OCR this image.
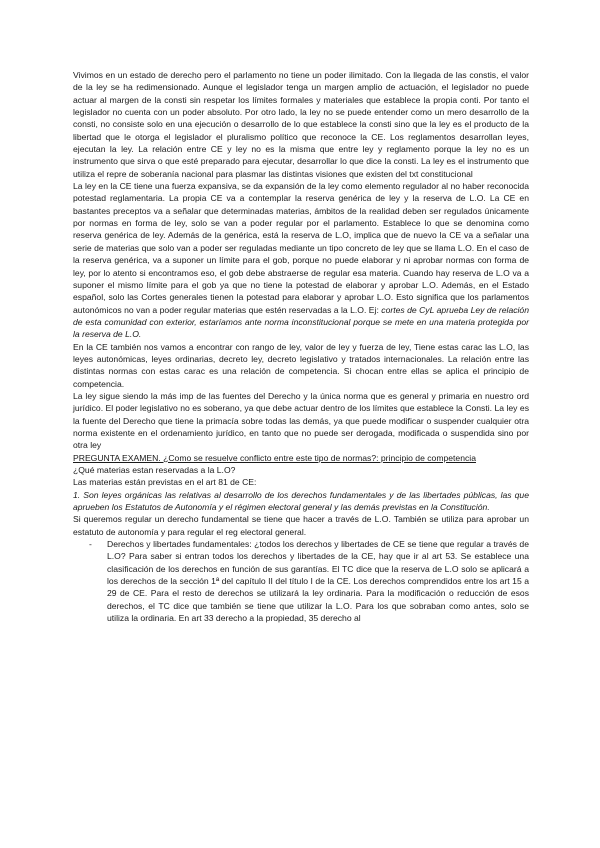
Vivimos en un estado de derecho pero el parlamento no tiene un poder ilimitado. Con la llegada de las constis, el valor de la ley se ha redimensionado. Aunque el legislador tenga un margen amplio de actuación, el legislador no puede actuar al margen de la consti sin respetar los límites formales y materiales que establece la propia conti. Por tanto el legislador no cuenta con un poder absoluto. Por otro lado, la ley no se puede entender como un mero desarrollo de la consti, no consiste solo en una ejecución o desarrollo de lo que establece la consti sino que la ley es el producto de la libertad que le otorga el legislador el pluralismo político que reconoce la CE. Los reglamentos desarrollan leyes, ejecutan la ley. La relación entre CE y ley no es la misma que entre ley y reglamento porque la ley no es un instrumento que sirva o que esté preparado para ejecutar, desarrollar lo que dice la consti. La ley es el instrumento que utiliza el repre de soberanía nacional para plasmar las distintas visiones que existen del txt constitucional

La ley en la CE tiene una fuerza expansiva, se da expansión de la ley como elemento regulador al no haber reconocida potestad reglamentaria. La propia CE va a contemplar la reserva genérica de ley y la reserva de L.O. La CE en bastantes preceptos va a señalar que determinadas materias, ámbitos de la realidad deben ser regulados únicamente por normas en forma de ley, solo se van a poder regular por el parlamento. Establece lo que se denomina como reserva genérica de ley. Además de la genérica, está la reserva de L.O, implica que de nuevo la CE va a señalar una serie de materias que solo van a poder ser reguladas mediante un tipo concreto de ley que se llama L.O. En el caso de la reserva genérica, va a suponer un límite para el gob, porque no puede elaborar y ni aprobar normas con forma de ley, por lo atento si encontramos eso, el gob debe abstraerse de regular esa materia. Cuando hay reserva de L.O va a suponer el mismo límite para el gob ya que no tiene la potestad de elaborar y aprobar L.O. Además, en el Estado español, solo las Cortes generales tienen la potestad para elaborar y aprobar L.O. Esto significa que los parlamentos autonómicos no van a poder regular materias que estén reservadas a la L.O. Ej: cortes de CyL aprueba Ley de relación de esta comunidad con exterior, estaríamos ante norma inconstitucional porque se mete en una materia protegida por la reserva de L.O.

En la CE también nos vamos a encontrar con rango de ley, valor de ley y fuerza de ley, Tiene estas carac las L.O, las leyes autonómicas, leyes ordinarias, decreto ley, decreto legislativo y tratados internacionales. La relación entre las distintas normas con estas carac es una relación de competencia. Si chocan entre ellas se aplica el principio de competencia.

La ley sigue siendo la más imp de las fuentes del Derecho y la única norma que es general y primaria en nuestro ord jurídico. El poder legislativo no es soberano, ya que debe actuar dentro de los límites que establece la Consti. La ley es la fuente del Derecho que tiene la primacía sobre todas las demás, ya que puede modificar o suspender cualquier otra norma existente en el ordenamiento jurídico, en tanto que no puede ser derogada, modificada o suspendida sino por otra ley

PREGUNTA EXAMEN. ¿Como se resuelve conflicto entre este tipo de normas?: principio de competencia

¿Qué materias estan reservadas a la L.O?

Las materias están previstas en el art 81 de CE:

1. Son leyes orgánicas las relativas al desarrollo de los derechos fundamentales y de las libertades públicas, las que aprueben los Estatutos de Autonomía y el régimen electoral general y las demás previstas en la Constitución.

Si queremos regular un derecho fundamental se tiene que hacer a través de L.O. También se utiliza para aprobar un estatuto de autonomía y para regular el reg electoral general.

-	Derechos y libertades fundamentales: ¿todos los derechos y libertades de CE se tiene que regular a través de L.O? Para saber si entran todos los derechos y libertades de la CE, hay que ir al art 53. Se establece una clasificación de los derechos en función de sus garantías. El TC dice que la reserva de L.O solo se aplicará a los derechos de la sección 1ª del capítulo II del título I de la CE. Los derechos comprendidos entre los art 15 a 29 de CE. Para el resto de derechos se utilizará la ley ordinaria. Para la modificación o reducción de esos derechos, el TC dice que también se tiene que utilizar la L.O. Para los que sobraban como antes, solo se utiliza la ordinaria. En art 33 derecho a la propiedad, 35 derecho al
